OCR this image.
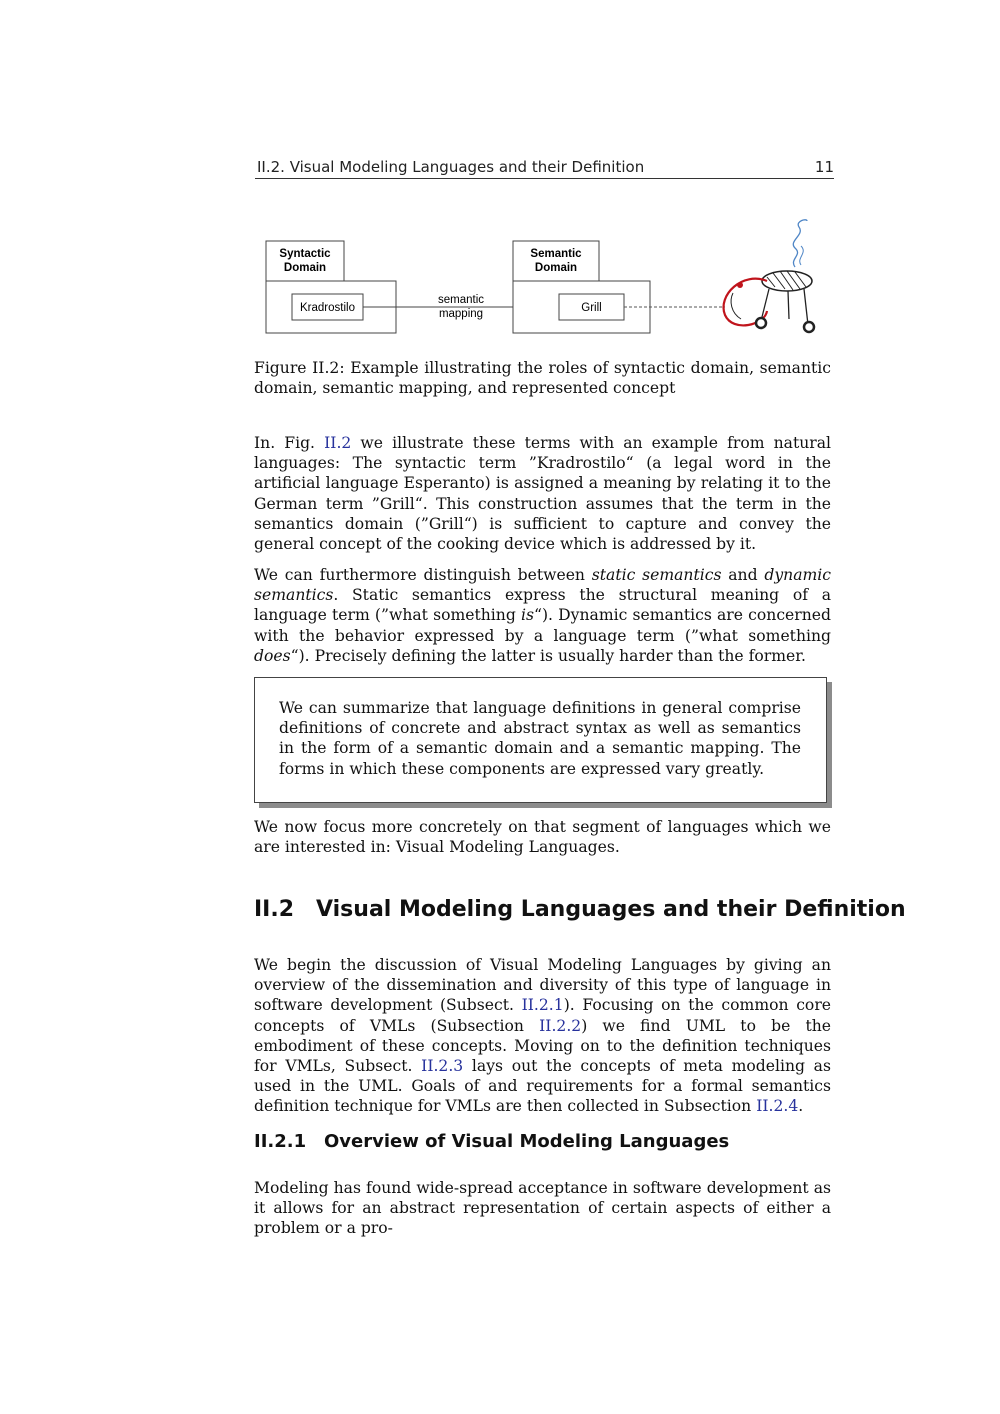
II.2. Visual Modeling Languages and their Definition	11
Syntactic
Domain
Kradrostilo
semantic
mapping
Semantic
Domain
Grill
Figure II.2: Example illustrating the roles of syntactic domain, semantic domain, semantic mapping, and represented concept

In. Fig. II.2 we illustrate these terms with an example from natural languages: The syntactic term ”Kradrostilo“ (a legal word in the artificial language Esperanto) is assigned a meaning by relating it to the German term ”Grill“. This construction assumes that the term in the semantics domain (”Grill“) is sufficient to capture and convey the general concept of the cooking device which is addressed by it.

We can furthermore distinguish between static semantics and dynamic semantics. Static semantics express the structural meaning of a language term (”what something is“). Dynamic semantics are concerned with the behavior expressed by a language term (”what something does“). Precisely defining the latter is usually harder than the former.

We can summarize that language definitions in general comprise definitions of concrete and abstract syntax as well as semantics in the form of a semantic domain and a semantic mapping. The forms in which these components are expressed vary greatly.

We now focus more concretely on that segment of languages which we are interested in: Visual Modeling Languages.

II.2 Visual Modeling Languages and their Definition

We begin the discussion of Visual Modeling Languages by giving an overview of the dissemination and diversity of this type of language in software development (Subsect. II.2.1). Focusing on the common core concepts of VMLs (Subsection II.2.2) we find UML to be the embodiment of these concepts. Moving on to the definition techniques for VMLs, Subsect. II.2.3 lays out the concepts of meta modeling as used in the UML. Goals of and requirements for a formal semantics definition technique for VMLs are then collected in Subsection II.2.4.

II.2.1 Overview of Visual Modeling Languages

Modeling has found wide-spread acceptance in software development as it allows for an abstract representation of certain aspects of either a problem or a pro-
